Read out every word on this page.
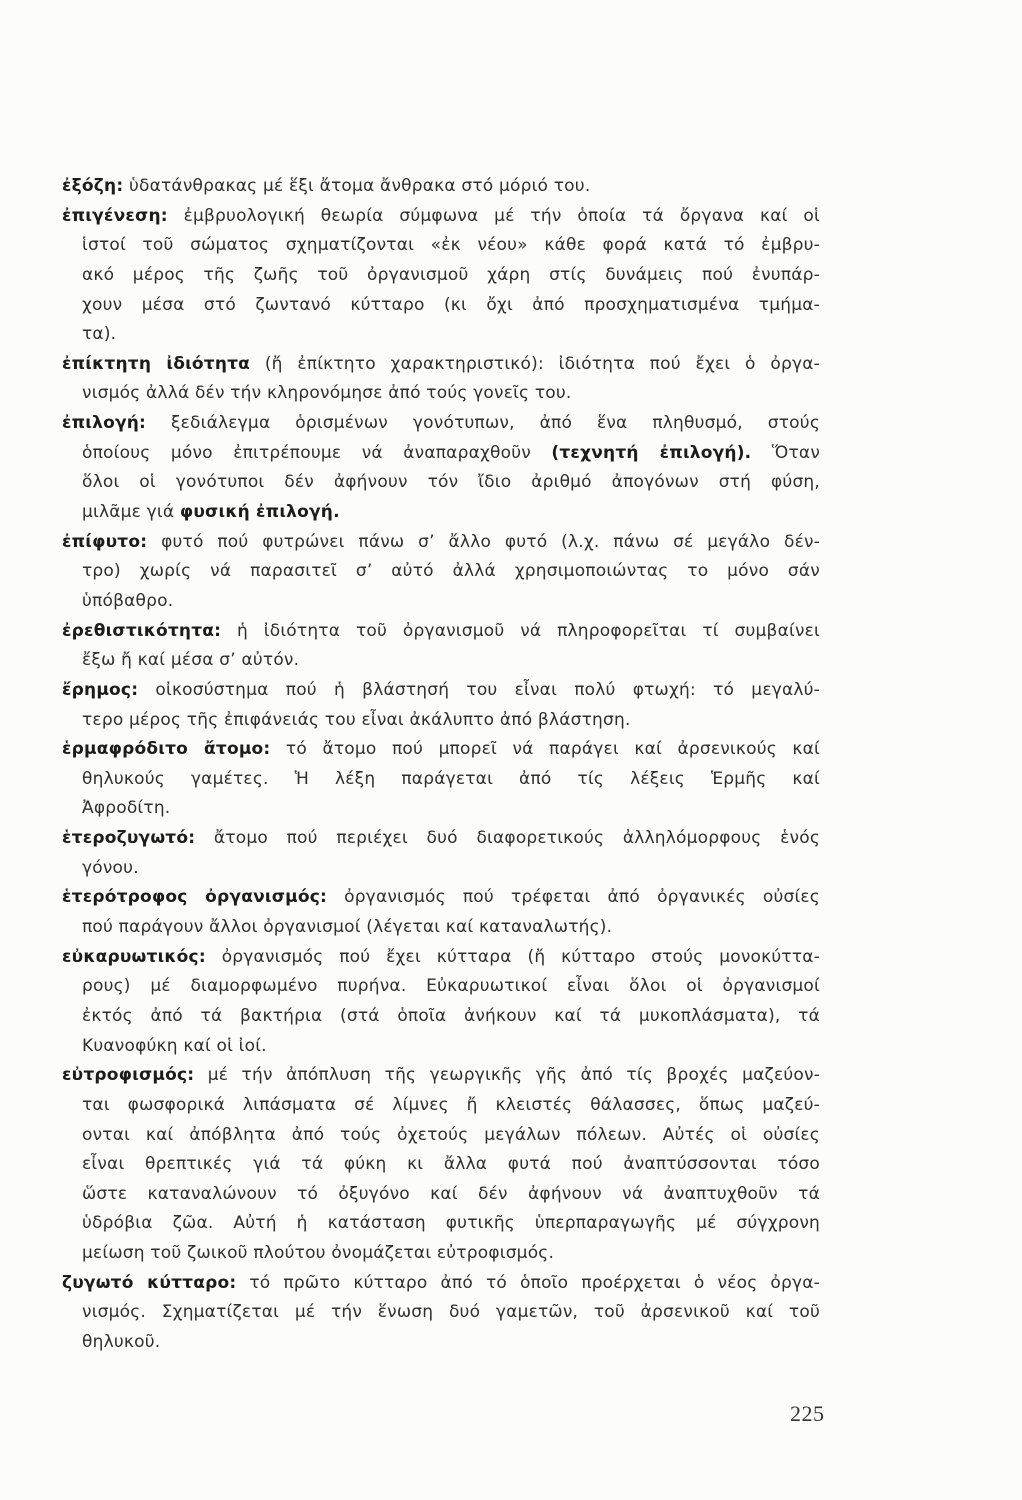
ἐξόζη: ὑδατάνθρακας μέ ἕξι ἄτομα ἄνθρακα στό μόριό του.
ἐπιγένεση: ἐμβρυολογική θεωρία σύμφωνα μέ τήν ὁποία τά ὄργανα καί οἱ
ἱστοί τοῦ σώματος σχηματίζονται «ἐκ νέου» κάθε φορά κατά τό ἐμβρυ-
ακό μέρος τῆς ζωῆς τοῦ ὀργανισμοῦ χάρη στίς δυνάμεις πού ἐνυπάρ-
χουν μέσα στό ζωντανό κύτταρο (κι ὄχι ἀπό προσχηματισμένα τμήμα-
τα).
ἐπίκτητη ἰδιότητα (ἤ ἐπίκτητο χαρακτηριστικό): ἰδιότητα πού ἔχει ὁ ὀργα-
νισμός ἀλλά δέν τήν κληρονόμησε ἀπό τούς γονεῖς του.
ἐπιλογή: ξεδιάλεγμα ὁρισμένων γονότυπων, ἀπό ἕνα πληθυσμό, στούς
ὁποίους μόνο ἐπιτρέπουμε νά ἀναπαραχθοῦν (τεχνητή ἐπιλογή). Ὅταν
ὅλοι οἱ γονότυποι δέν ἀφήνουν τόν ἴδιο ἀριθμό ἀπογόνων στή φύση,
μιλᾶμε γιά φυσική ἐπιλογή.
ἐπίφυτο: φυτό πού φυτρώνει πάνω σ’ ἄλλο φυτό (λ.χ. πάνω σέ μεγάλο δέν-
τρο) χωρίς νά παρασιτεῖ σ’ αὐτό ἀλλά χρησιμοποιώντας το μόνο σάν
ὑπόβαθρο.
ἐρεθιστικότητα: ἡ ἰδιότητα τοῦ ὀργανισμοῦ νά πληροφορεῖται τί συμβαίνει
ἔξω ἤ καί μέσα σ’ αὐτόν.
ἔρημος: οἰκοσύστημα πού ἡ βλάστησή του εἶναι πολύ φτωχή: τό μεγαλύ-
τερο μέρος τῆς ἐπιφάνειάς του εἶναι ἀκάλυπτο ἀπό βλάστηση.
ἑρμαφρόδιτο ἄτομο: τό ἄτομο πού μπορεῖ νά παράγει καί ἀρσενικούς καί
θηλυκούς γαμέτες. Ἡ λέξη παράγεται ἀπό τίς λέξεις Ἑρμῆς καί
Ἀφροδίτη.
ἑτεροζυγωτό: ἄτομο πού περιέχει δυό διαφορετικούς ἀλληλόμορφους ἑνός
γόνου.
ἑτερότροφος ὀργανισμός: ὀργανισμός πού τρέφεται ἀπό ὀργανικές οὐσίες
πού παράγουν ἄλλοι ὀργανισμοί (λέγεται καί καταναλωτής).
εὐκαρυωτικός: ὀργανισμός πού ἔχει κύτταρα (ἤ κύτταρο στούς μονοκύττα-
ρους) μέ διαμορφωμένο πυρήνα. Εὐκαρυωτικοί εἶναι ὅλοι οἱ ὀργανισμοί
ἐκτός ἀπό τά βακτήρια (στά ὁποῖα ἀνήκουν καί τά μυκοπλάσματα), τά
Κυανοφύκη καί οἱ ἰοί.
εὐτροφισμός: μέ τήν ἀπόπλυση τῆς γεωργικῆς γῆς ἀπό τίς βροχές μαζεύον-
ται φωσφορικά λιπάσματα σέ λίμνες ἤ κλειστές θάλασσες, ὅπως μαζεύ-
ονται καί ἀπόβλητα ἀπό τούς ὀχετούς μεγάλων πόλεων. Αὐτές οἱ οὐσίες
εἶναι θρεπτικές γιά τά φύκη κι ἄλλα φυτά πού ἀναπτύσσονται τόσο
ὥστε καταναλώνουν τό ὀξυγόνο καί δέν ἀφήνουν νά ἀναπτυχθοῦν τά
ὑδρόβια ζῶα. Αὐτή ἡ κατάσταση φυτικῆς ὑπερπαραγωγῆς μέ σύγχρονη
μείωση τοῦ ζωικοῦ πλούτου ὀνομάζεται εὐτροφισμός.
ζυγωτό κύτταρο: τό πρῶτο κύτταρο ἀπό τό ὁποῖο προέρχεται ὁ νέος ὀργα-
νισμός. Σχηματίζεται μέ τήν ἕνωση δυό γαμετῶν, τοῦ ἀρσενικοῦ καί τοῦ
θηλυκοῦ.
225
